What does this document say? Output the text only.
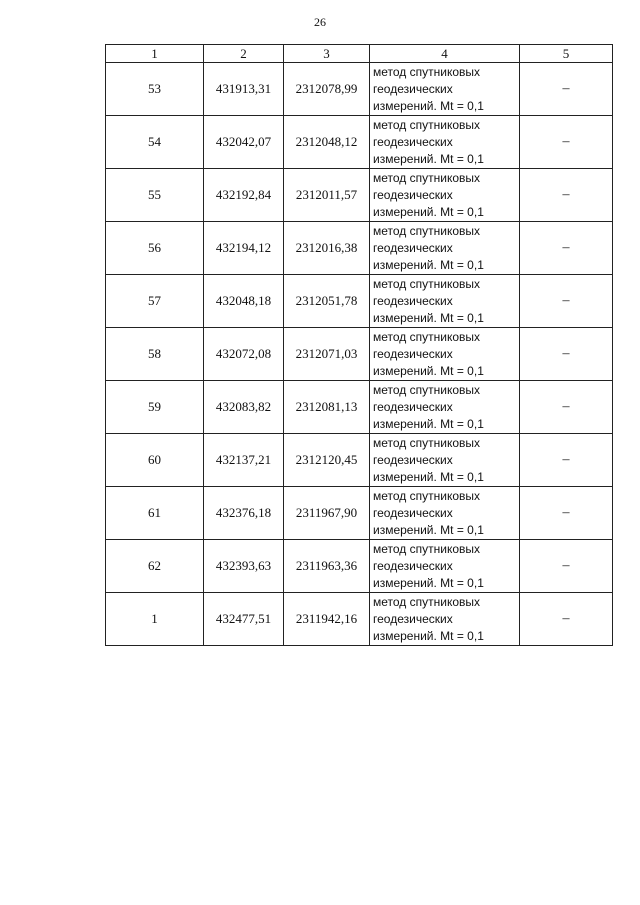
26
1	2	3	4	5
53	431913,31	2312078,99	метод спутниковых
геодезических
измерений. Mt = 0,1	–
54	432042,07	2312048,12	метод спутниковых
геодезических
измерений. Mt = 0,1	–
55	432192,84	2312011,57	метод спутниковых
геодезических
измерений. Mt = 0,1	–
56	432194,12	2312016,38	метод спутниковых
геодезических
измерений. Mt = 0,1	–
57	432048,18	2312051,78	метод спутниковых
геодезических
измерений. Mt = 0,1	–
58	432072,08	2312071,03	метод спутниковых
геодезических
измерений. Mt = 0,1	–
59	432083,82	2312081,13	метод спутниковых
геодезических
измерений. Mt = 0,1	–
60	432137,21	2312120,45	метод спутниковых
геодезических
измерений. Mt = 0,1	–
61	432376,18	2311967,90	метод спутниковых
геодезических
измерений. Mt = 0,1	–
62	432393,63	2311963,36	метод спутниковых
геодезических
измерений. Mt = 0,1	–
1	432477,51	2311942,16	метод спутниковых
геодезических
измерений. Mt = 0,1	–
